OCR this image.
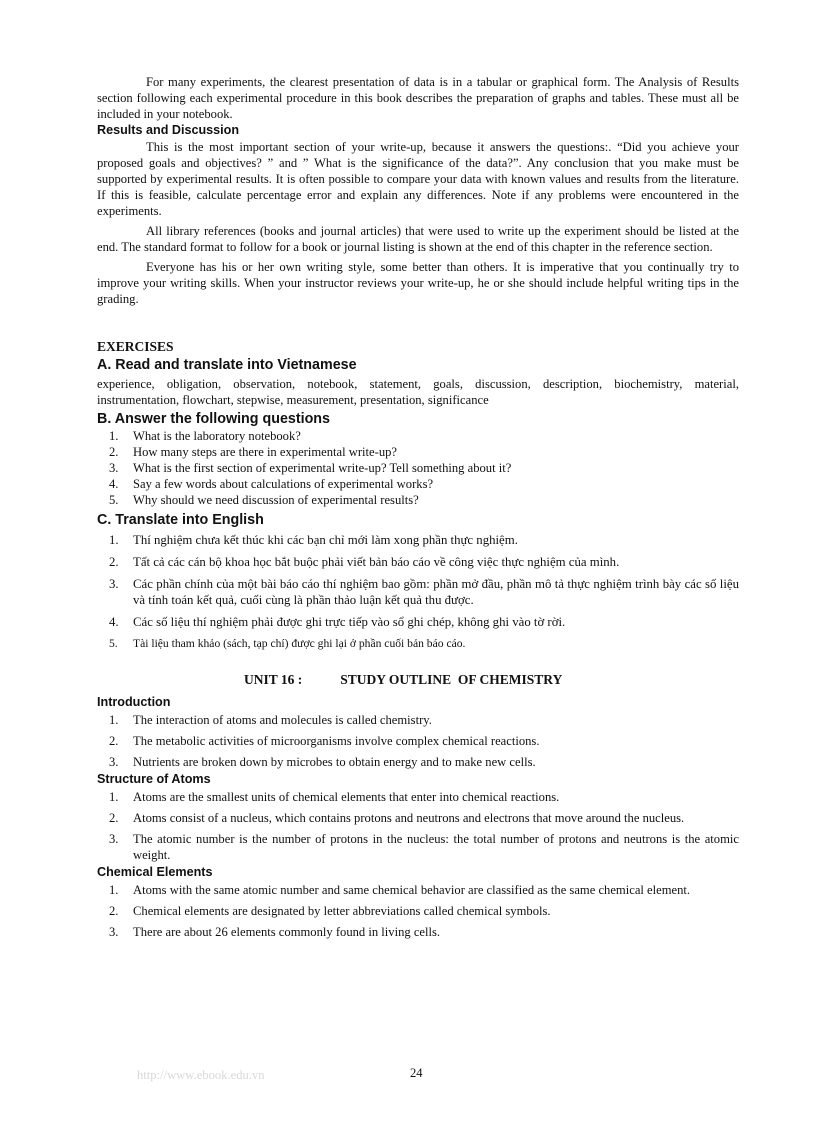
For many experiments, the clearest presentation of data is in a tabular or graphical form. The Analysis of Results section following each experimental procedure in this book describes the preparation of graphs and tables. These must all be included in your notebook.

Results and Discussion

This is the most important section of your write-up, because it answers the questions:. “Did you achieve your proposed goals and objectives? ” and ” What is the significance of the data?”. Any conclusion that you make must be supported by experimental results. It is often possible to compare your data with known values and results from the literature. If this is feasible, calculate percentage error and explain any differences. Note if any problems were encountered in the experiments.

All library references (books and journal articles) that were used to write up the experiment should be listed at the end. The standard format to follow for a book or journal listing is shown at the end of this chapter in the reference section.

Everyone has his or her own writing style, some better than others. It is imperative that you continually try to improve your writing skills. When your instructor reviews your write-up, he or she should include helpful writing tips in the grading.

EXERCISES
A. Read and translate into Vietnamese

experience, obligation, observation, notebook, statement, goals, discussion, description, biochemistry, material, instrumentation, flowchart, stepwise, measurement, presentation, significance

B. Answer the following questions
1. What is the laboratory notebook?
2. How many steps are there in experimental write-up?
3. What is the first section of experimental write-up? Tell something about it?
4. Say a few words about calculations of experimental works?
5. Why should we need discussion of experimental results?
C. Translate into English
1. Thí nghiệm chưa kết thúc khi các bạn chỉ mới làm xong phần thực nghiệm.
2. Tất cả các cán bộ khoa học bắt buộc phải viết bản báo cáo về công việc thực nghiệm của mình.
3. Các phần chính của một bài báo cáo thí nghiệm bao gồm: phần mở đầu, phần mô tả thực nghiệm trình bày các số liệu và tính toán kết quả, cuối cùng là phần thảo luận kết quả thu được.
4. Các số liệu thí nghiệm phải được ghi trực tiếp vào sổ ghi chép, không ghi vào tờ rời.
5. Tài liệu tham khảo (sách, tạp chí) được ghi lại ở phần cuối bản báo cáo.
UNIT 16 :	STUDY OUTLINE  OF CHEMISTRY
Introduction
1. The interaction of atoms and molecules is called chemistry.
2. The metabolic activities of microorganisms involve complex chemical reactions.
3. Nutrients are broken down by microbes to obtain energy and to make new cells.
Structure of Atoms
1. Atoms are the smallest units of chemical elements that enter into chemical reactions.
2. Atoms consist of a nucleus, which contains protons and neutrons and electrons that move around the nucleus.
3. The atomic number is the number of protons in the nucleus: the total number of protons and neutrons is the atomic weight.
Chemical Elements
1. Atoms with the same atomic number and same chemical behavior are classified as the same chemical element.
2. Chemical elements are designated by letter abbreviations called chemical symbols.
3. There are about 26 elements commonly found in living cells.
http://www.ebook.edu.vn	24
